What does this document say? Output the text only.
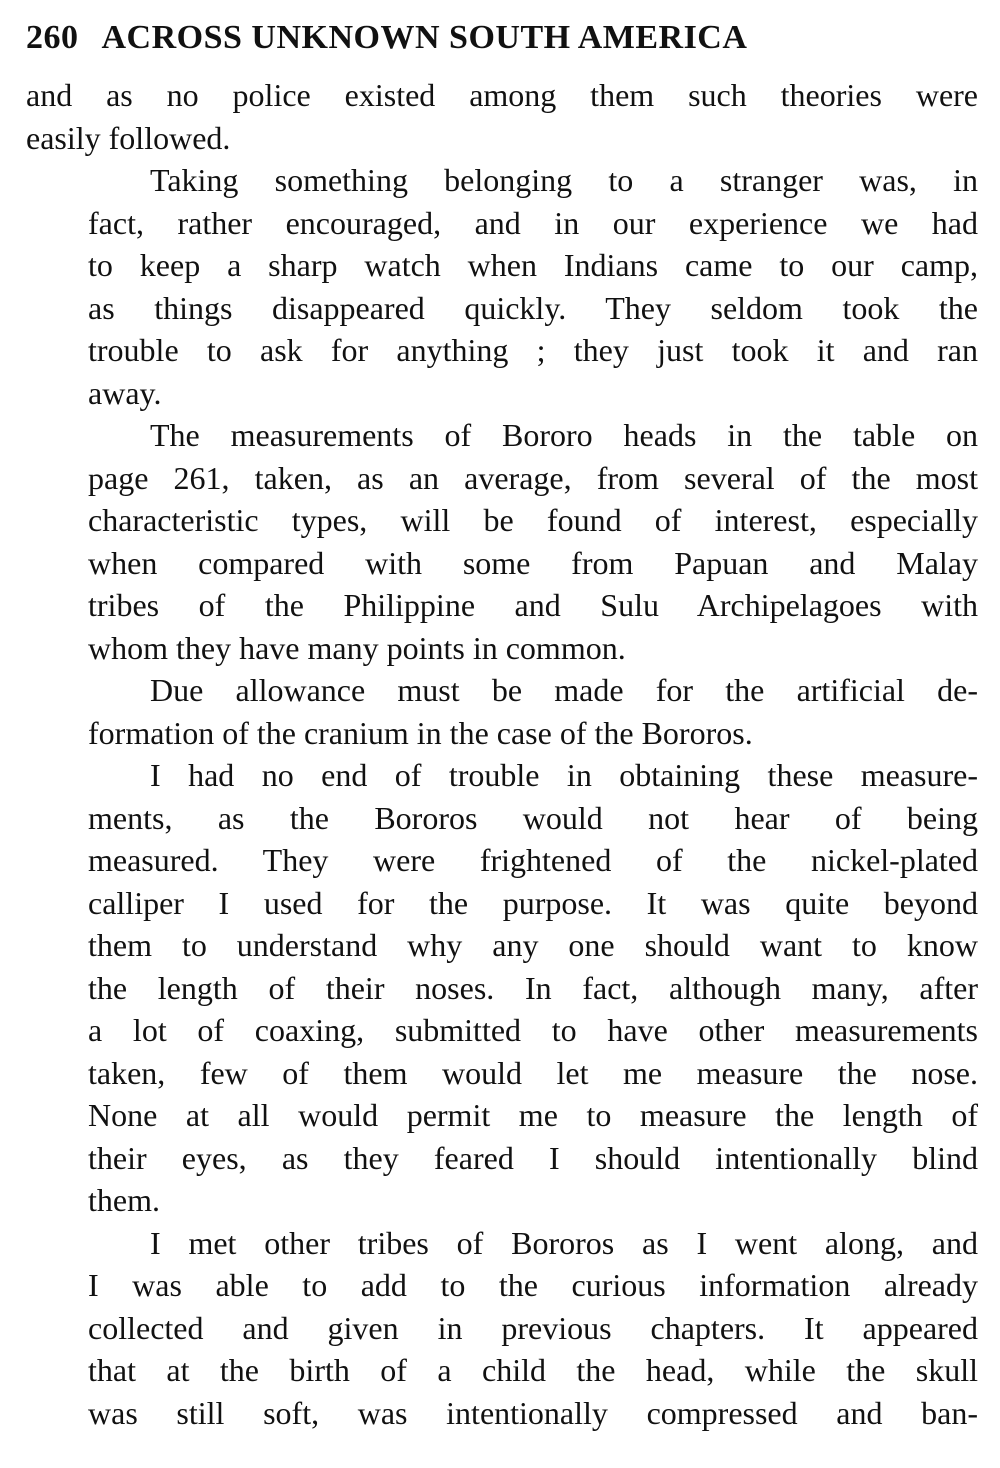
260 ACROSS UNKNOWN SOUTH AMERICA
and as no police existed among them such theories were
easily followed.
Taking something belonging to a stranger was, in
fact, rather encouraged, and in our experience we had
to keep a sharp watch when Indians came to our camp,
as things disappeared quickly. They seldom took the
trouble to ask for anything ; they just took it and ran
away.
The measurements of Bororo heads in the table on
page 261, taken, as an average, from several of the most
characteristic types, will be found of interest, especially
when compared with some from Papuan and Malay
tribes of the Philippine and Sulu Archipelagoes with
whom they have many points in common.
Due allowance must be made for the artificial de-
formation of the cranium in the case of the Bororos.
I had no end of trouble in obtaining these measure-
ments, as the Bororos would not hear of being
measured. They were frightened of the nickel-plated
calliper I used for the purpose. It was quite beyond
them to understand why any one should want to know
the length of their noses. In fact, although many, after
a lot of coaxing, submitted to have other measurements
taken, few of them would let me measure the nose.
None at all would permit me to measure the length of
their eyes, as they feared I should intentionally blind
them.
I met other tribes of Bororos as I went along, and
I was able to add to the curious information already
collected and given in previous chapters. It appeared
that at the birth of a child the head, while the skull
was still soft, was intentionally compressed and ban-
